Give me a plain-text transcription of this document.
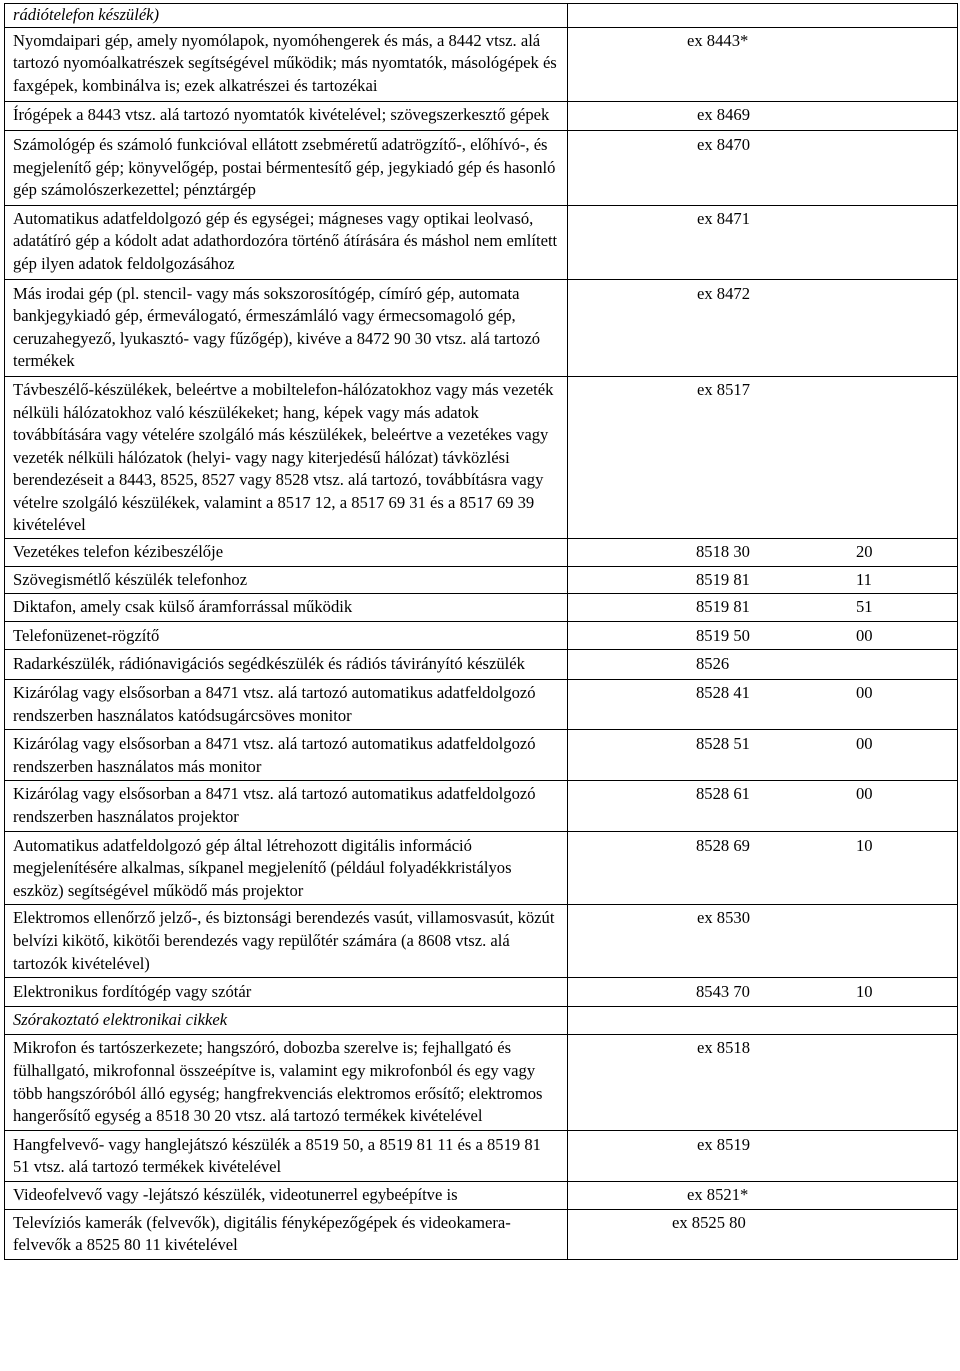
rádiótelefon készülék)	

Nyomdaipari gép, amely nyomólapok, nyomóhengerek és más, a 8442 vtsz. alá tartozó nyomóalkatrészek segítségével működik; más nyomtatók, másológépek és faxgépek, kombinálva is; ezek alkatrészei és tartozékai	ex 8443*

Írógépek a 8443 vtsz. alá tartozó nyomtatók kivételével; szövegszerkesztő gépek	ex 8469

Számológép és számoló funkcióval ellátott zsebméretű adatrögzítő-, előhívó-, és megjelenítő gép; könyvelőgép, postai bérmentesítő gép, jegykiadó gép és hasonló gép számolószerkezettel; pénztárgép	ex 8470

Automatikus adatfeldolgozó gép és egységei; mágneses vagy optikai leolvasó, adatátíró gép a kódolt adat adathordozóra történő átírására és máshol nem említett gép ilyen adatok feldolgozásához	ex 8471

Más irodai gép (pl. stencil- vagy más sokszorosítógép, címíró gép, automata bankjegykiadó gép, érmeválogató, érmeszámláló vagy érmecsomagoló gép, ceruzahegyező, lyukasztó- vagy fűzőgép), kivéve a 8472 90 30 vtsz. alá tartozó termékek	ex 8472

Távbeszélő-készülékek, beleértve a mobiltelefon-hálózatokhoz vagy más vezeték nélküli hálózatokhoz való készülékeket; hang, képek vagy más adatok továbbítására vagy vételére szolgáló más készülékek, beleértve a vezetékes vagy vezeték nélküli hálózatok (helyi- vagy nagy kiterjedésű hálózat) távközlési berendezéseit a 8443, 8525, 8527 vagy 8528 vtsz. alá tartozó, továbbításra vagy vételre szolgáló készülékek, valamint a 8517 12, a 8517 69 31 és a 8517 69 39 kivételével	ex 8517

Vezetékes telefon kézibeszélője	8518 30 20

Szövegismétlő készülék telefonhoz	8519 81 11

Diktafon, amely csak külső áramforrással működik	8519 81 51

Telefonüzenet-rögzítő	8519 50 00

Radarkészülék, rádiónavigációs segédkészülék és rádiós távirányító készülék	8526

Kizárólag vagy elsősorban a 8471 vtsz. alá tartozó automatikus adatfeldolgozó rendszerben használatos katódsugárcsöves monitor	8528 41 00

Kizárólag vagy elsősorban a 8471 vtsz. alá tartozó automatikus adatfeldolgozó rendszerben használatos más monitor	8528 51 00

Kizárólag vagy elsősorban a 8471 vtsz. alá tartozó automatikus adatfeldolgozó rendszerben használatos projektor	8528 61 00

Automatikus adatfeldolgozó gép által létrehozott digitális információ megjelenítésére alkalmas, síkpanel megjelenítő (például folyadékkristályos eszköz) segítségével működő más projektor	8528 69 10

Elektromos ellenőrző jelző-, és biztonsági berendezés vasút, villamosvasút, közút belvízi kikötő, kikötői berendezés vagy repülőtér számára (a 8608 vtsz. alá tartozók kivételével)	ex 8530

Elektronikus fordítógép vagy szótár	8543 70 10

Szórakoztató elektronikai cikkek	

Mikrofon és tartószerkezete; hangszóró, dobozba szerelve is; fejhallgató és fülhallgató, mikrofonnal összeépítve is, valamint egy mikrofonból és egy vagy több hangszóróból álló egység; hangfrekvenciás elektromos erősítő; elektromos hangerősítő egység a 8518 30 20 vtsz. alá tartozó termékek kivételével	ex 8518

Hangfelvevő- vagy hanglejátszó készülék a 8519 50, a 8519 81 11 és a 8519 81 51 vtsz. alá tartozó termékek kivételével	ex 8519

Videofelvevő vagy -lejátszó készülék, videotunerrel egybeépítve is	ex 8521*

Televíziós kamerák (felvevők), digitális fényképezőgépek és videokamera-felvevők a 8525 80 11 kivételével	ex 8525 80
